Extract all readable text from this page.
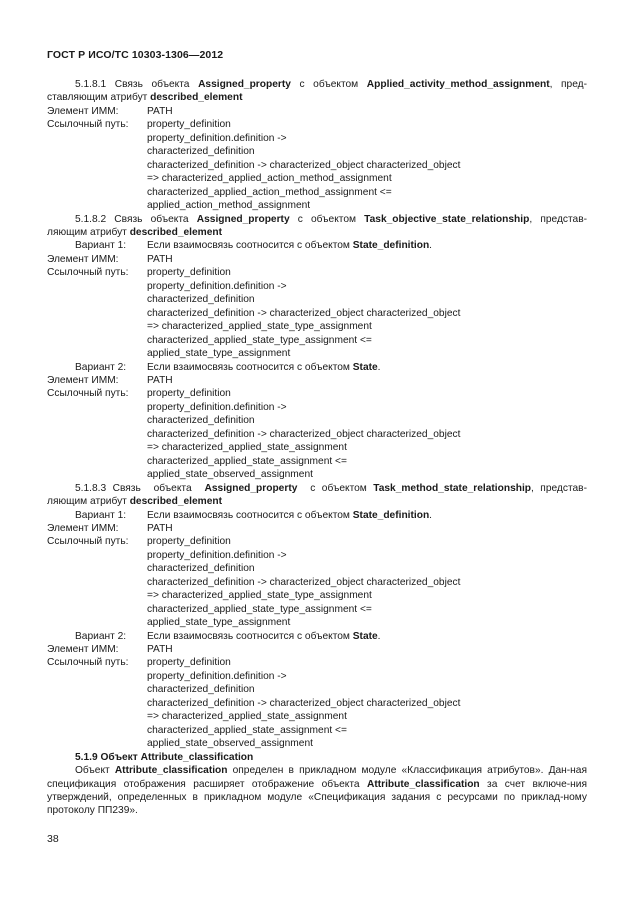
ГОСТ Р ИСО/ТС 10303-1306—2012
5.1.8.1 Связь объекта Assigned_property с объектом Applied_activity_method_assignment, пред-ставляющим атрибут described_element
Элемент ИММ:	PATH
Ссылочный путь:	property_definition
property_definition.definition ->
characterized_definition
characterized_definition -> characterized_object characterized_object
=> characterized_applied_action_method_assignment
characterized_applied_action_method_assignment <=
applied_action_method_assignment
5.1.8.2 Связь объекта Assigned_property с объектом Task_objective_state_relationship, представ-ляющим атрибут described_element
Вариант 1:	Если взаимосвязь соотносится с объектом State_definition.
Элемент ИММ:	PATH
Ссылочный путь:	property_definition
property_definition.definition ->
characterized_definition
characterized_definition -> characterized_object characterized_object
=> characterized_applied_state_type_assignment
characterized_applied_state_type_assignment <=
applied_state_type_assignment
Вариант 2:	Если взаимосвязь соотносится с объектом State.
Элемент ИММ:	PATH
Ссылочный путь:	property_definition
property_definition.definition ->
characterized_definition
characterized_definition -> characterized_object characterized_object
=> characterized_applied_state_assignment
characterized_applied_state_assignment <=
applied_state_observed_assignment
5.1.8.3 Связь  объекта  Assigned_property  с объектом Task_method_state_relationship, представ-ляющим атрибут described_element
Вариант 1:	Если взаимосвязь соотносится с объектом State_definition.
Элемент ИММ:	PATH
Ссылочный путь:	property_definition
property_definition.definition ->
characterized_definition
characterized_definition -> characterized_object characterized_object
=> characterized_applied_state_type_assignment
characterized_applied_state_type_assignment <=
applied_state_type_assignment
Вариант 2:	Если взаимосвязь соотносится с объектом State.
Элемент ИММ:	PATH
Ссылочный путь:	property_definition
property_definition.definition ->
characterized_definition
characterized_definition -> characterized_object characterized_object
=> characterized_applied_state_assignment
characterized_applied_state_assignment <=
applied_state_observed_assignment
5.1.9 Объект Attribute_classification
Объект Attribute_classification определен в прикладном модуле «Классификация атрибутов». Дан-ная спецификация отображения расширяет отображение объекта Attribute_classification за счет включе-ния утверждений, определенных в прикладном модуле «Спецификация задания с ресурсами по приклад-ному протоколу ПП239».
38
